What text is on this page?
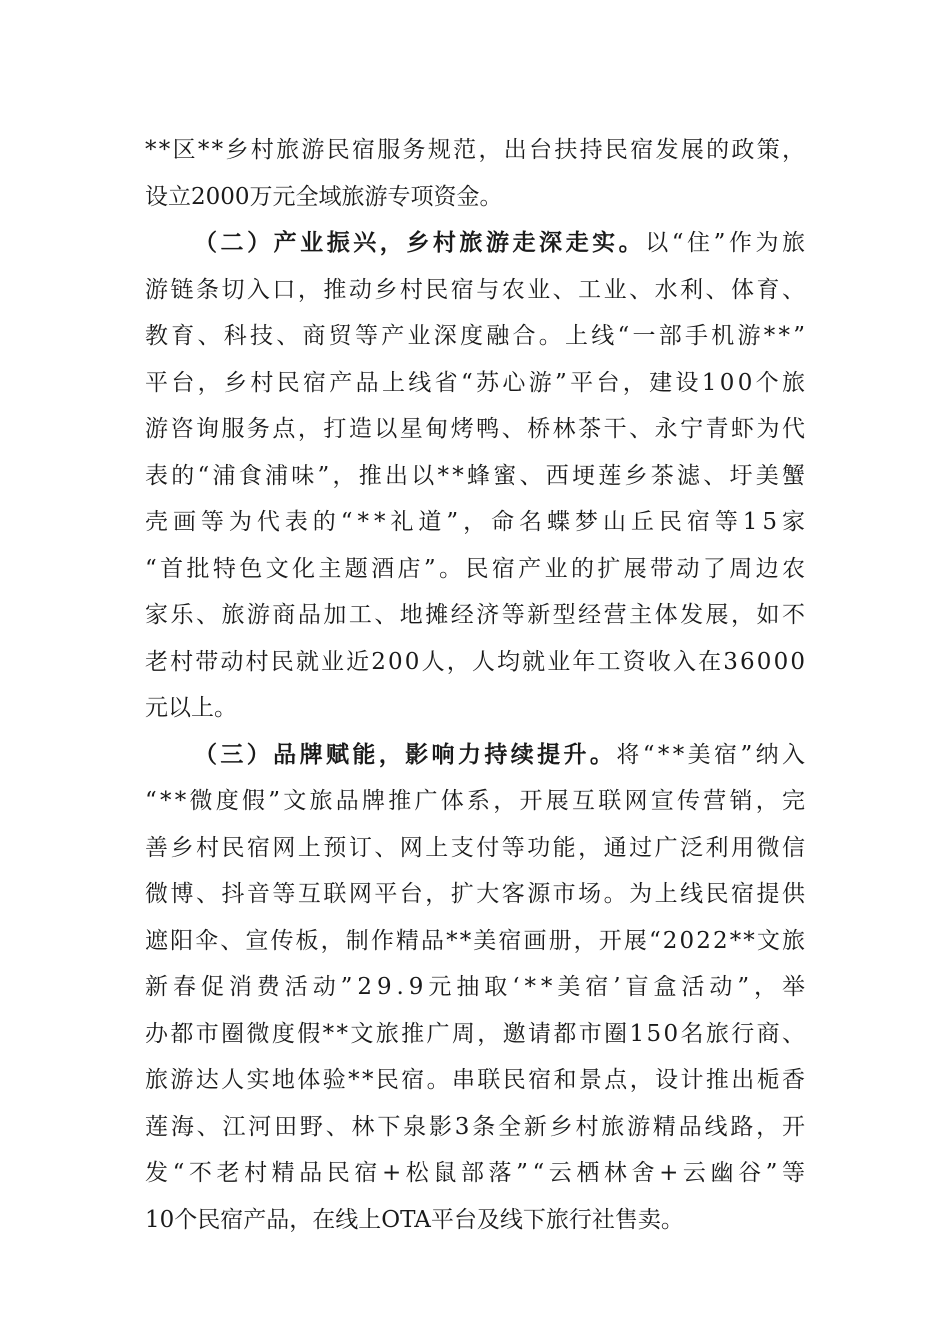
**区**乡村旅游民宿服务规范，出台扶持民宿发展的政策，
设立2000万元全域旅游专项资金。
（二）产业振兴，乡村旅游走深走实。以“住”作为旅
游链条切入口，推动乡村民宿与农业、工业、水利、体育、
教育、科技、商贸等产业深度融合。上线“一部手机游**”
平台，乡村民宿产品上线省“苏心游”平台，建设100个旅
游咨询服务点，打造以星甸烤鸭、桥林茶干、永宁青虾为代
表的“浦食浦味”，推出以**蜂蜜、西埂莲乡茶滤、圩美蟹
壳画等为代表的“**礼道”，命名蝶梦山丘民宿等15家
“首批特色文化主题酒店”。民宿产业的扩展带动了周边农
家乐、旅游商品加工、地摊经济等新型经营主体发展，如不
老村带动村民就业近200人，人均就业年工资收入在36000
元以上。
（三）品牌赋能，影响力持续提升。将“**美宿”纳入
“**微度假”文旅品牌推广体系，开展互联网宣传营销，完
善乡村民宿网上预订、网上支付等功能，通过广泛利用微信
微博、抖音等互联网平台，扩大客源市场。为上线民宿提供
遮阳伞、宣传板，制作精品**美宿画册，开展“2022**文旅
新春促消费活动”29.9元抽取‘**美宿’盲盒活动”，举
办都市圈微度假**文旅推广周，邀请都市圈150名旅行商、
旅游达人实地体验**民宿。串联民宿和景点，设计推出栀香
莲海、江河田野、林下泉影3条全新乡村旅游精品线路，开
发“不老村精品民宿+松鼠部落”“云栖林舍+云幽谷”等
10个民宿产品，在线上OTA平台及线下旅行社售卖。
